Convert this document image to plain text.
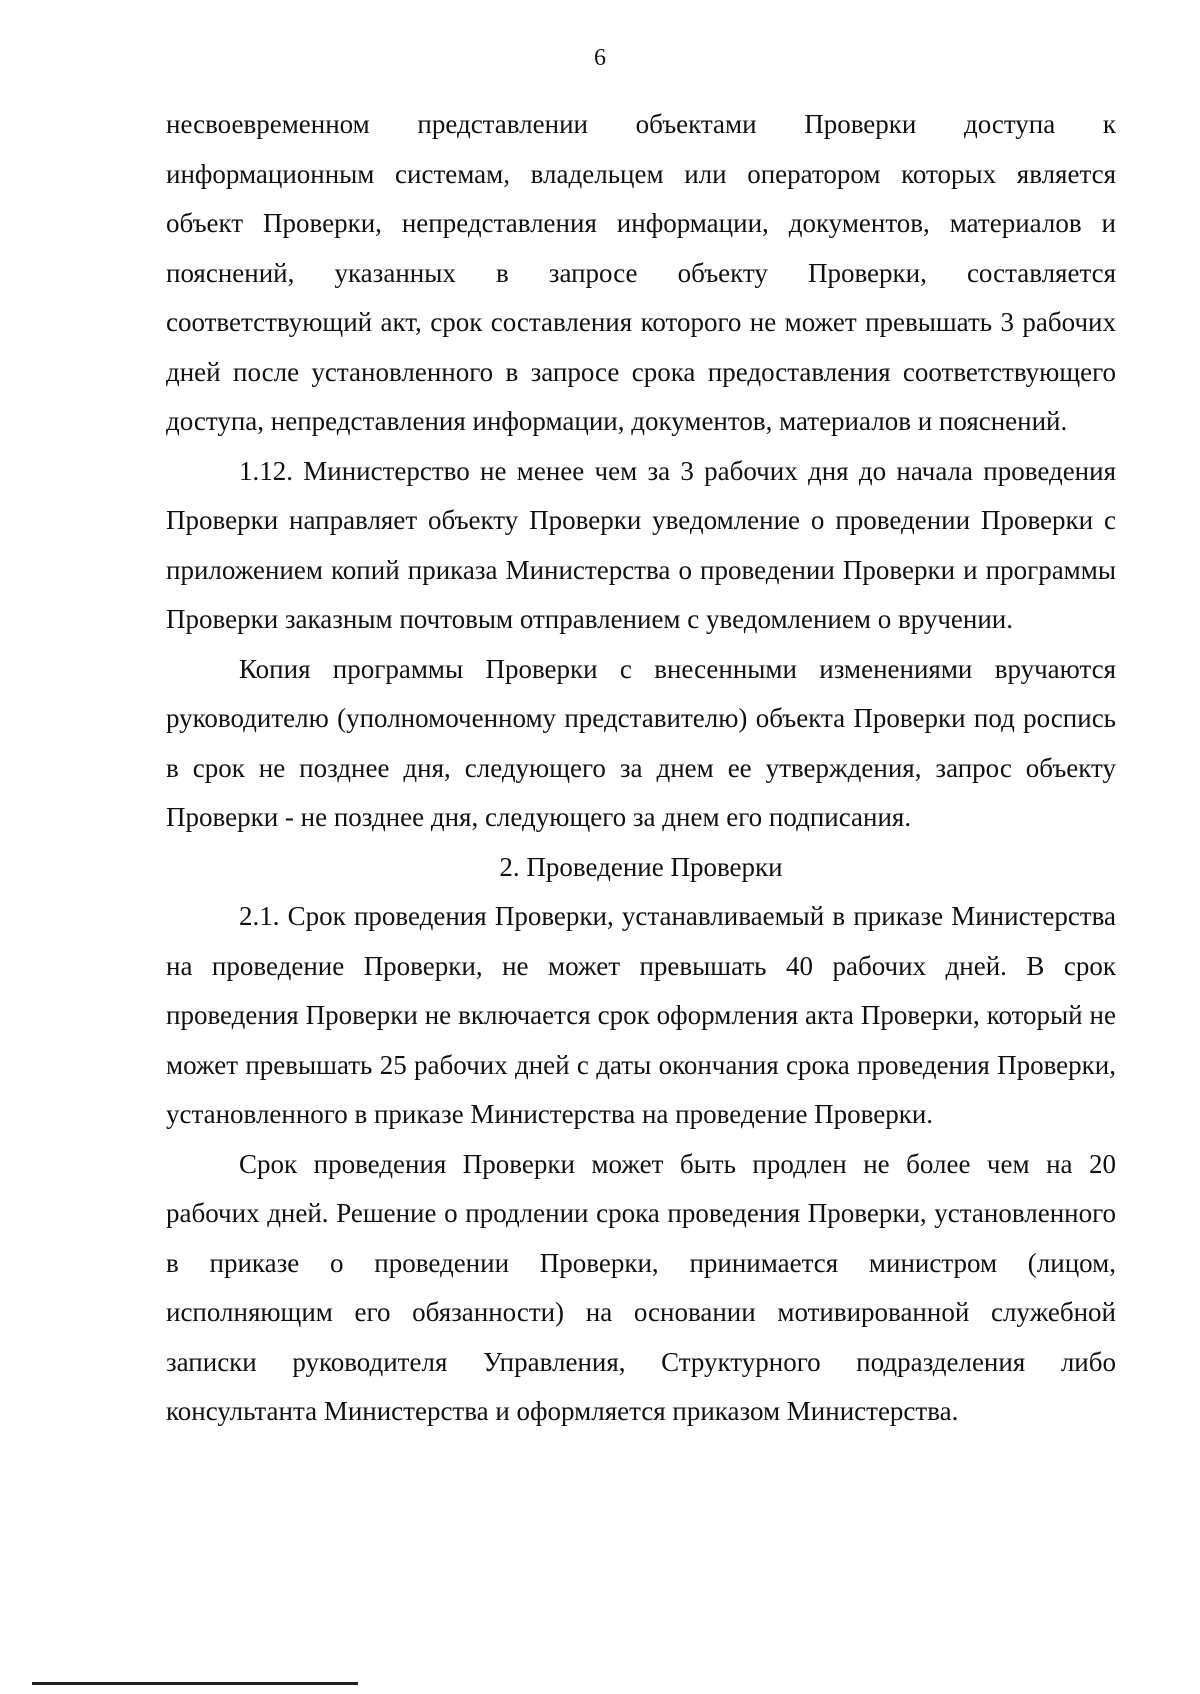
6

несвоевременном представлении объектами Проверки доступа к информационным системам, владельцем или оператором которых является объект Проверки, непредставления информации, документов, материалов и пояснений, указанных в запросе объекту Проверки, составляется соответствующий акт, срок составления которого не может превышать 3 рабочих дней после установленного в запросе срока предоставления соответствующего доступа, непредставления информации, документов, материалов и пояснений.

1.12. Министерство не менее чем за 3 рабочих дня до начала проведения Проверки направляет объекту Проверки уведомление о проведении Проверки с приложением копий приказа Министерства о проведении Проверки и программы Проверки заказным почтовым отправлением с уведомлением о вручении.

Копия программы Проверки с внесенными изменениями вручаются руководителю (уполномоченному представителю) объекта Проверки под роспись в срок не позднее дня, следующего за днем ее утверждения, запрос объекту Проверки - не позднее дня, следующего за днем его подписания.

2. Проведение Проверки

2.1. Срок проведения Проверки, устанавливаемый в приказе Министерства на проведение Проверки, не может превышать 40 рабочих дней. В срок проведения Проверки не включается срок оформления акта Проверки, который не может превышать 25 рабочих дней с даты окончания срока проведения Проверки, установленного в приказе Министерства на проведение Проверки.

Срок проведения Проверки может быть продлен не более чем на 20 рабочих дней. Решение о продлении срока проведения Проверки, установленного в приказе о проведении Проверки, принимается министром (лицом, исполняющим его обязанности) на основании мотивированной служебной записки руководителя Управления, Структурного подразделения либо консультанта Министерства и оформляется приказом Министерства.
